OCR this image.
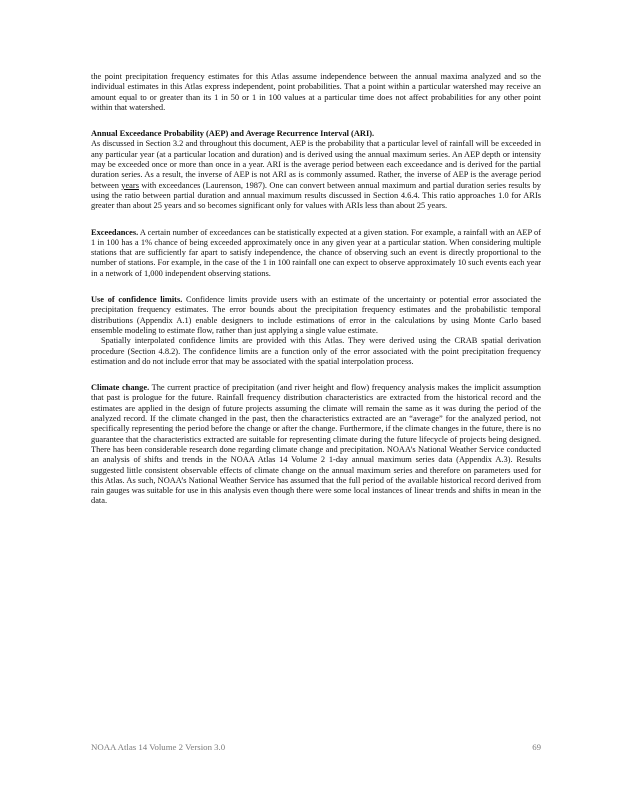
the point precipitation frequency estimates for this Atlas assume independence between the annual maxima analyzed and so the individual estimates in this Atlas express independent, point probabilities. That a point within a particular watershed may receive an amount equal to or greater than its 1 in 50 or 1 in 100 values at a particular time does not affect probabilities for any other point within that watershed.

Annual Exceedance Probability (AEP) and Average Recurrence Interval (ARI).
As discussed in Section 3.2 and throughout this document, AEP is the probability that a particular level of rainfall will be exceeded in any particular year (at a particular location and duration) and is derived using the annual maximum series. An AEP depth or intensity may be exceeded once or more than once in a year. ARI is the average period between each exceedance and is derived for the partial duration series. As a result, the inverse of AEP is not ARI as is commonly assumed. Rather, the inverse of AEP is the average period between years with exceedances (Laurenson, 1987). One can convert between annual maximum and partial duration series results by using the ratio between partial duration and annual maximum results discussed in Section 4.6.4. This ratio approaches 1.0 for ARIs greater than about 25 years and so becomes significant only for values with ARIs less than about 25 years.

Exceedances. A certain number of exceedances can be statistically expected at a given station. For example, a rainfall with an AEP of 1 in 100 has a 1% chance of being exceeded approximately once in any given year at a particular station. When considering multiple stations that are sufficiently far apart to satisfy independence, the chance of observing such an event is directly proportional to the number of stations. For example, in the case of the 1 in 100 rainfall one can expect to observe approximately 10 such events each year in a network of 1,000 independent observing stations.

Use of confidence limits. Confidence limits provide users with an estimate of the uncertainty or potential error associated the precipitation frequency estimates. The error bounds about the precipitation frequency estimates and the probabilistic temporal distributions (Appendix A.1) enable designers to include estimations of error in the calculations by using Monte Carlo based ensemble modeling to estimate flow, rather than just applying a single value estimate.

Spatially interpolated confidence limits are provided with this Atlas. They were derived using the CRAB spatial derivation procedure (Section 4.8.2). The confidence limits are a function only of the error associated with the point precipitation frequency estimation and do not include error that may be associated with the spatial interpolation process.

Climate change. The current practice of precipitation (and river height and flow) frequency analysis makes the implicit assumption that past is prologue for the future. Rainfall frequency distribution characteristics are extracted from the historical record and the estimates are applied in the design of future projects assuming the climate will remain the same as it was during the period of the analyzed record. If the climate changed in the past, then the characteristics extracted are an “average” for the analyzed period, not specifically representing the period before the change or after the change. Furthermore, if the climate changes in the future, there is no guarantee that the characteristics extracted are suitable for representing climate during the future lifecycle of projects being designed. There has been considerable research done regarding climate change and precipitation. NOAA’s National Weather Service conducted an analysis of shifts and trends in the NOAA Atlas 14 Volume 2 1-day annual maximum series data (Appendix A.3). Results suggested little consistent observable effects of climate change on the annual maximum series and therefore on parameters used for this Atlas. As such, NOAA’s National Weather Service has assumed that the full period of the available historical record derived from rain gauges was suitable for use in this analysis even though there were some local instances of linear trends and shifts in mean in the data.

NOAA Atlas 14 Volume 2 Version 3.0	69
